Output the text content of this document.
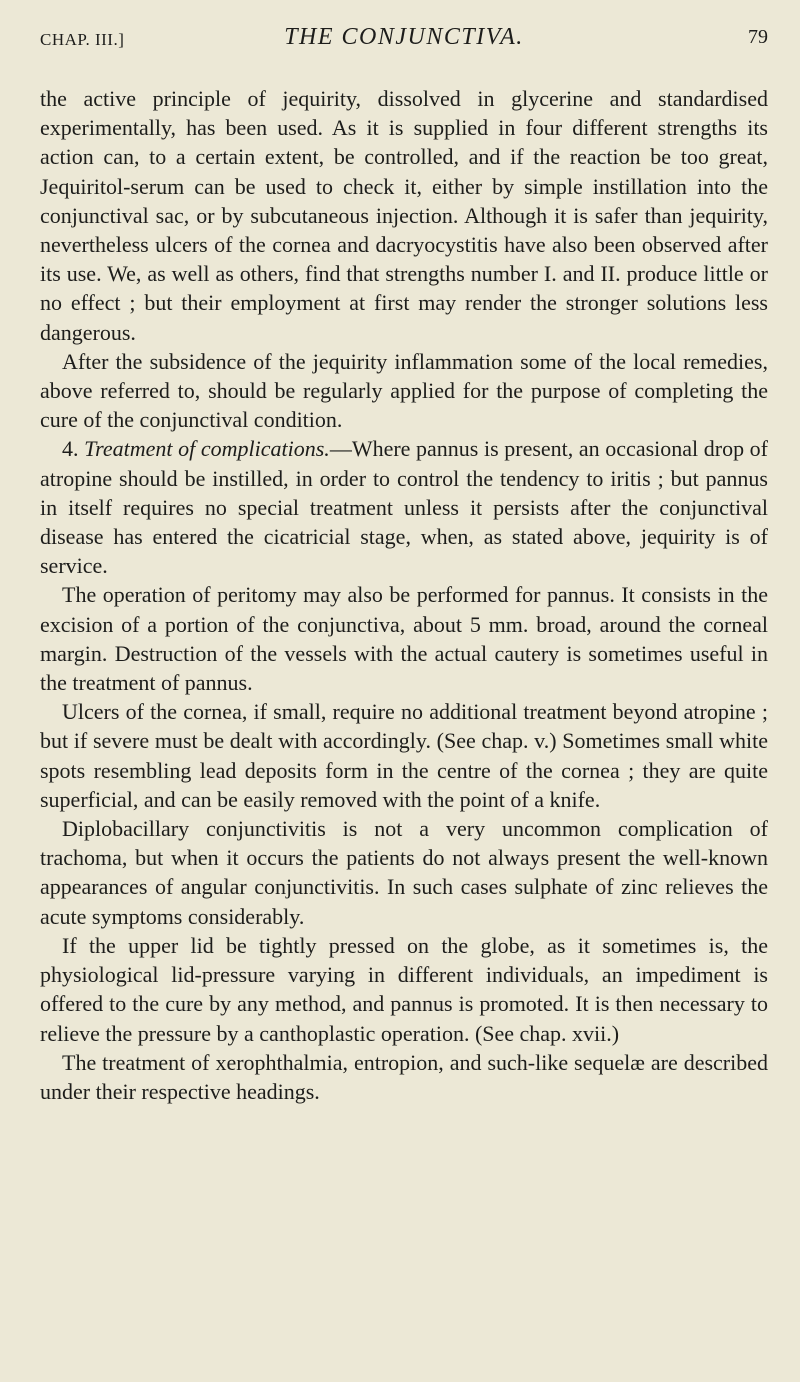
CHAP. III.]	THE CONJUNCTIVA.	79

the active principle of jequirity, dissolved in glycerine and standardised experimentally, has been used. As it is supplied in four different strengths its action can, to a certain extent, be controlled, and if the reaction be too great, Jequiritol-serum can be used to check it, either by simple instillation into the conjunctival sac, or by subcutaneous injection. Although it is safer than jequirity, nevertheless ulcers of the cornea and dacryocystitis have also been observed after its use. We, as well as others, find that strengths number I. and II. produce little or no effect ; but their employment at first may render the stronger solutions less dangerous.

After the subsidence of the jequirity inflammation some of the local remedies, above referred to, should be regularly applied for the purpose of completing the cure of the conjunctival condition.

4. Treatment of complications.—Where pannus is present, an occasional drop of atropine should be instilled, in order to control the tendency to iritis ; but pannus in itself requires no special treatment unless it persists after the conjunctival disease has entered the cicatricial stage, when, as stated above, jequirity is of service.

The operation of peritomy may also be performed for pannus. It consists in the excision of a portion of the conjunctiva, about 5 mm. broad, around the corneal margin. Destruction of the vessels with the actual cautery is sometimes useful in the treatment of pannus.

Ulcers of the cornea, if small, require no additional treatment beyond atropine ; but if severe must be dealt with accordingly. (See chap. v.) Sometimes small white spots resembling lead deposits form in the centre of the cornea ; they are quite superficial, and can be easily removed with the point of a knife.

Diplobacillary conjunctivitis is not a very uncommon complication of trachoma, but when it occurs the patients do not always present the well-known appearances of angular conjunctivitis. In such cases sulphate of zinc relieves the acute symptoms considerably.

If the upper lid be tightly pressed on the globe, as it sometimes is, the physiological lid-pressure varying in different individuals, an impediment is offered to the cure by any method, and pannus is promoted. It is then necessary to relieve the pressure by a canthoplastic operation. (See chap. xvii.)

The treatment of xerophthalmia, entropion, and such-like sequelæ are described under their respective headings.
